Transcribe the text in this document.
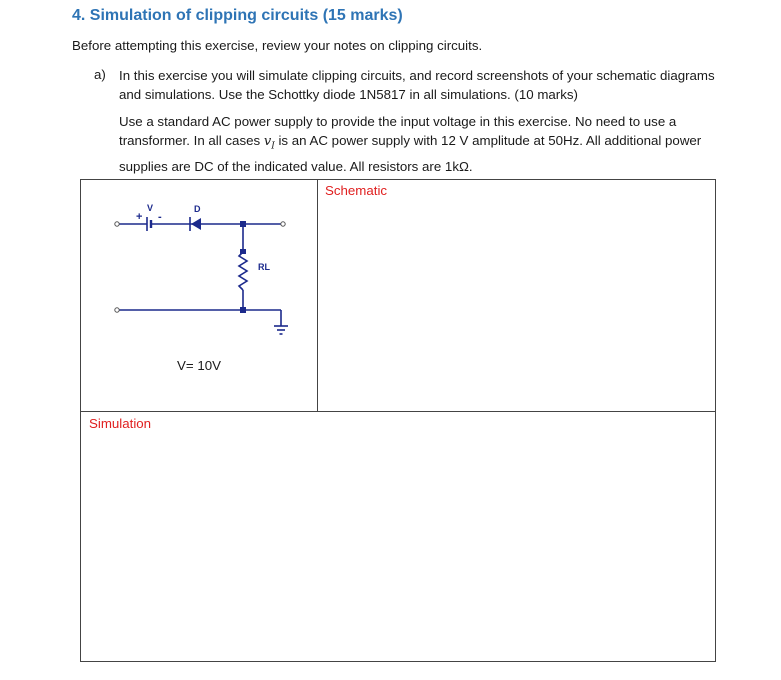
4. Simulation of clipping circuits (15 marks)
Before attempting this exercise, review your notes on clipping circuits.
a) In this exercise you will simulate clipping circuits, and record screenshots of your schematic diagrams and simulations. Use the Schottky diode 1N5817 in all simulations. (10 marks)
Use a standard AC power supply to provide the input voltage in this exercise. No need to use a transformer. In all cases $v_I$ is an AC power supply with 12 V amplitude at 50Hz. All additional power supplies are DC of the indicated value. All resistors are 1kΩ.
V
+ -
D
RL
V= 10V

Schematic

Simulation
